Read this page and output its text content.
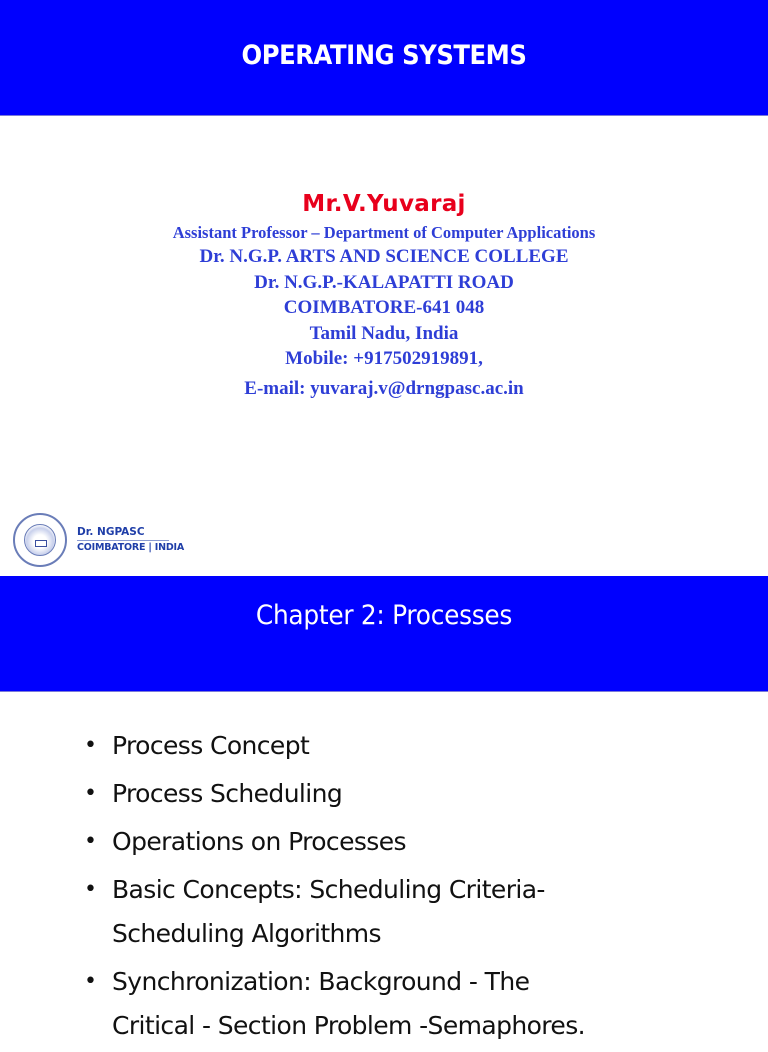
OPERATING SYSTEMS
Mr.V.Yuvaraj
Assistant Professor – Department of Computer Applications
Dr. N.G.P. ARTS AND SCIENCE COLLEGE
Dr. N.G.P.-KALAPATTI ROAD
COIMBATORE-641 048
Tamil Nadu, India
Mobile: +917502919891,
E-mail: yuvaraj.v@drngpasc.ac.in
Dr. NGPASC
COIMBATORE | INDIA
Chapter 2: Processes
• Process Concept
• Process Scheduling
• Operations on Processes
• Basic Concepts: Scheduling Criteria-
Scheduling Algorithms
• Synchronization: Background - The
Critical - Section Problem -Semaphores.
